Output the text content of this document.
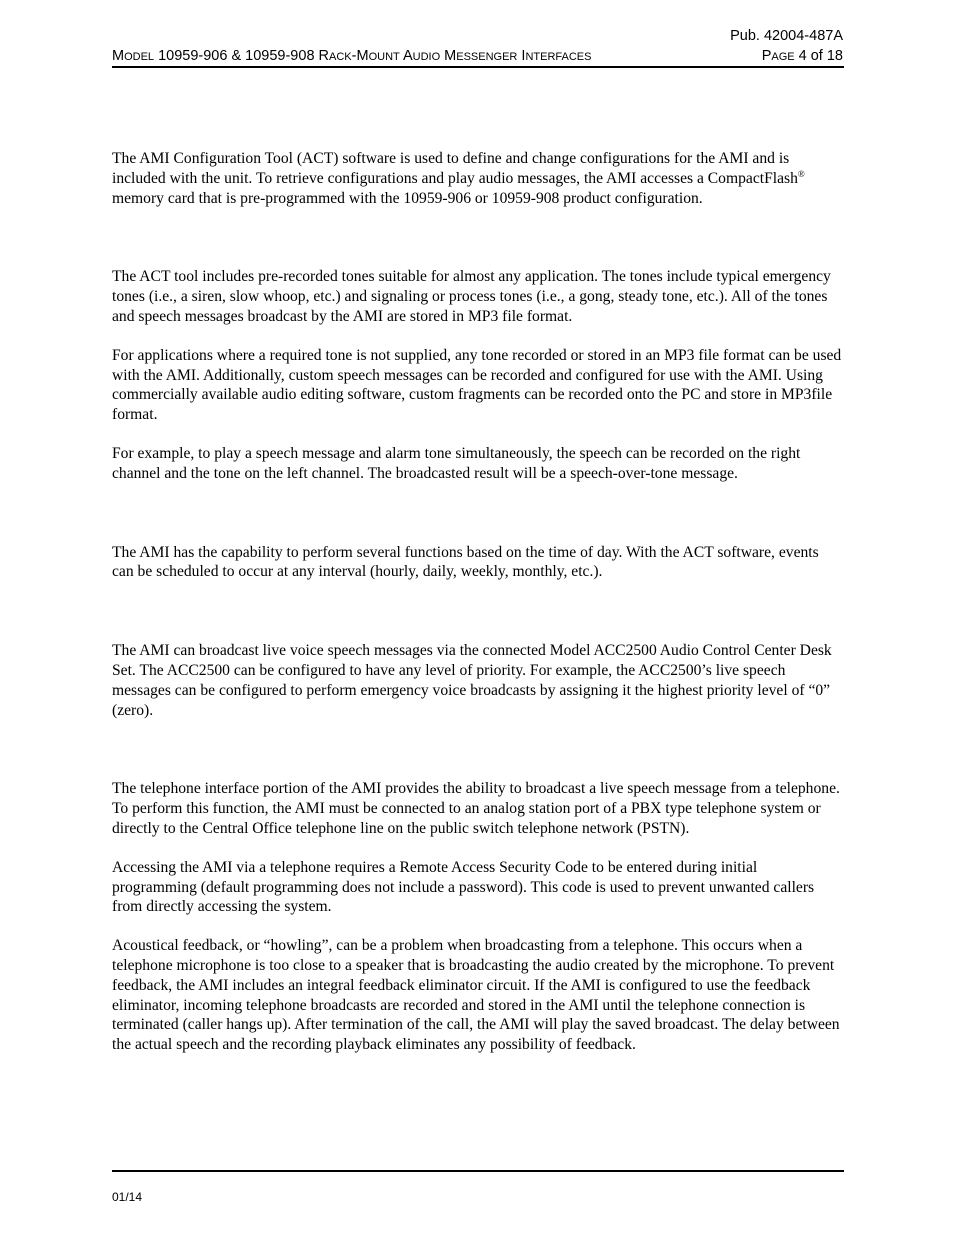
Pub. 42004-487A
MODEL 10959-906 & 10959-908 RACK-MOUNT AUDIO MESSENGER INTERFACES	PAGE 4 of 18

The AMI Configuration Tool (ACT) software is used to define and change configurations for the AMI and is included with the unit. To retrieve configurations and play audio messages, the AMI accesses a CompactFlash® memory card that is pre-programmed with the 10959-906 or 10959-908 product configuration.

The ACT tool includes pre-recorded tones suitable for almost any application. The tones include typical emergency tones (i.e., a siren, slow whoop, etc.) and signaling or process tones (i.e., a gong, steady tone, etc.). All of the tones and speech messages broadcast by the AMI are stored in MP3 file format.

For applications where a required tone is not supplied, any tone recorded or stored in an MP3 file format can be used with the AMI. Additionally, custom speech messages can be recorded and configured for use with the AMI. Using commercially available audio editing software, custom fragments can be recorded onto the PC and store in MP3file format.

For example, to play a speech message and alarm tone simultaneously, the speech can be recorded on the right channel and the tone on the left channel. The broadcasted result will be a speech-over-tone message.

The AMI has the capability to perform several functions based on the time of day. With the ACT software, events can be scheduled to occur at any interval (hourly, daily, weekly, monthly, etc.).

The AMI can broadcast live voice speech messages via the connected Model ACC2500 Audio Control Center Desk Set. The ACC2500 can be configured to have any level of priority. For example, the ACC2500’s live speech messages can be configured to perform emergency voice broadcasts by assigning it the highest priority level of “0” (zero).

The telephone interface portion of the AMI provides the ability to broadcast a live speech message from a telephone. To perform this function, the AMI must be connected to an analog station port of a PBX type telephone system or directly to the Central Office telephone line on the public switch telephone network (PSTN).

Accessing the AMI via a telephone requires a Remote Access Security Code to be entered during initial programming (default programming does not include a password). This code is used to prevent unwanted callers from directly accessing the system.

Acoustical feedback, or “howling”, can be a problem when broadcasting from a telephone. This occurs when a telephone microphone is too close to a speaker that is broadcasting the audio created by the microphone. To prevent feedback, the AMI includes an integral feedback eliminator circuit. If the AMI is configured to use the feedback eliminator, incoming telephone broadcasts are recorded and stored in the AMI until the telephone connection is terminated (caller hangs up). After termination of the call, the AMI will play the saved broadcast. The delay between the actual speech and the recording playback eliminates any possibility of feedback.

01/14
